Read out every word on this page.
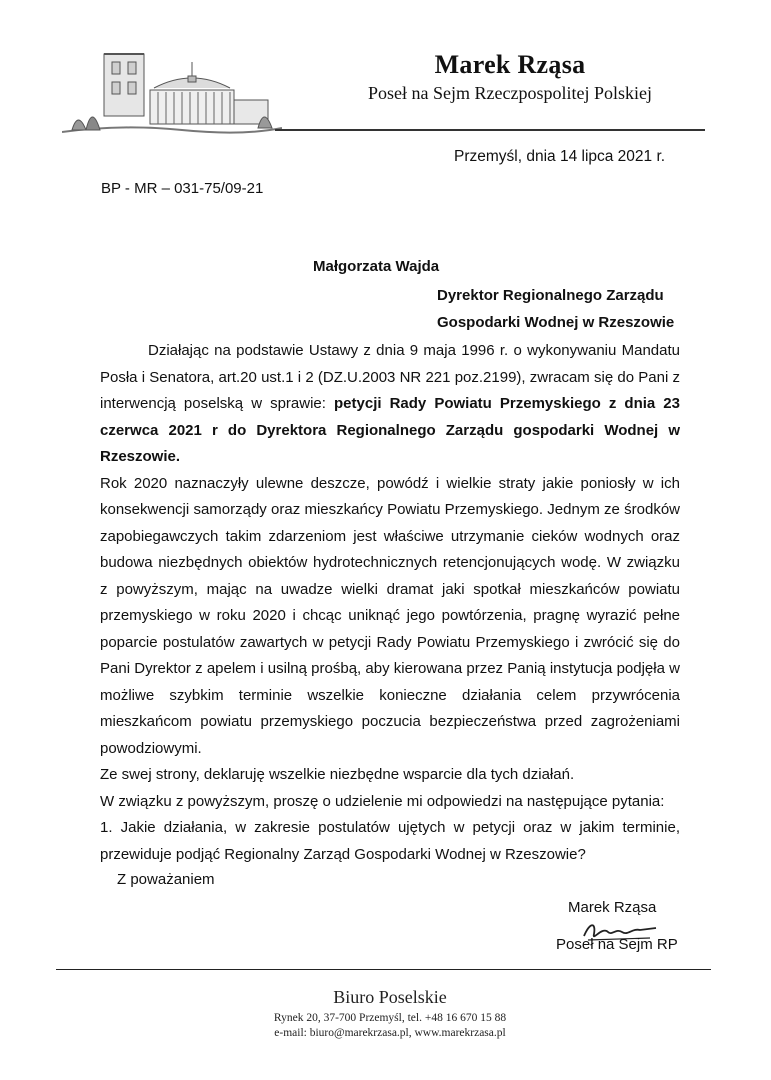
Marek Rząsa
Poseł na Sejm Rzeczpospolitej Polskiej
Przemyśl, dnia 14 lipca 2021 r.
BP - MR – 031-75/09-21
Małgorzata Wajda
Dyrektor Regionalnego Zarządu
Gospodarki Wodnej w Rzeszowie

Działając na podstawie Ustawy z dnia 9 maja 1996 r. o wykonywaniu Mandatu Posła i Senatora, art.20 ust.1 i 2 (DZ.U.2003 NR 221 poz.2199), zwracam się do Pani z interwencją poselską w sprawie: petycji Rady Powiatu Przemyskiego z dnia 23 czerwca 2021 r do Dyrektora Regionalnego Zarządu gospodarki Wodnej w Rzeszowie.

Rok 2020 naznaczyły ulewne deszcze, powódź i wielkie straty jakie poniosły w ich konsekwencji samorządy oraz mieszkańcy Powiatu Przemyskiego. Jednym ze środków zapobiegawczych takim zdarzeniom jest właściwe utrzymanie cieków wodnych oraz budowa niezbędnych obiektów hydrotechnicznych retencjonujących wodę. W związku z powyższym, mając na uwadze wielki dramat jaki spotkał mieszkańców powiatu przemyskiego w roku 2020 i chcąc uniknąć jego powtórzenia, pragnę wyrazić pełne poparcie postulatów zawartych w petycji Rady Powiatu Przemyskiego i zwrócić się do Pani Dyrektor z apelem i usilną prośbą, aby kierowana przez Panią instytucja podjęła w możliwe szybkim terminie wszelkie konieczne działania celem przywrócenia mieszkańcom powiatu przemyskiego poczucia bezpieczeństwa przed zagrożeniami powodziowymi.

Ze swej strony, deklaruję wszelkie niezbędne wsparcie dla tych działań.

W związku z powyższym, proszę o udzielenie mi odpowiedzi na następujące pytania:

1. Jakie działania, w zakresie postulatów ujętych w petycji oraz w jakim terminie, przewiduje podjąć Regionalny Zarząd Gospodarki Wodnej w Rzeszowie?

Z poważaniem
Marek Rząsa
Poseł na Sejm RP
Biuro Poselskie
Rynek 20, 37-700 Przemyśl, tel. +48 16 670 15 88
e-mail: biuro@marekrzasa.pl, www.marekrzasa.pl
